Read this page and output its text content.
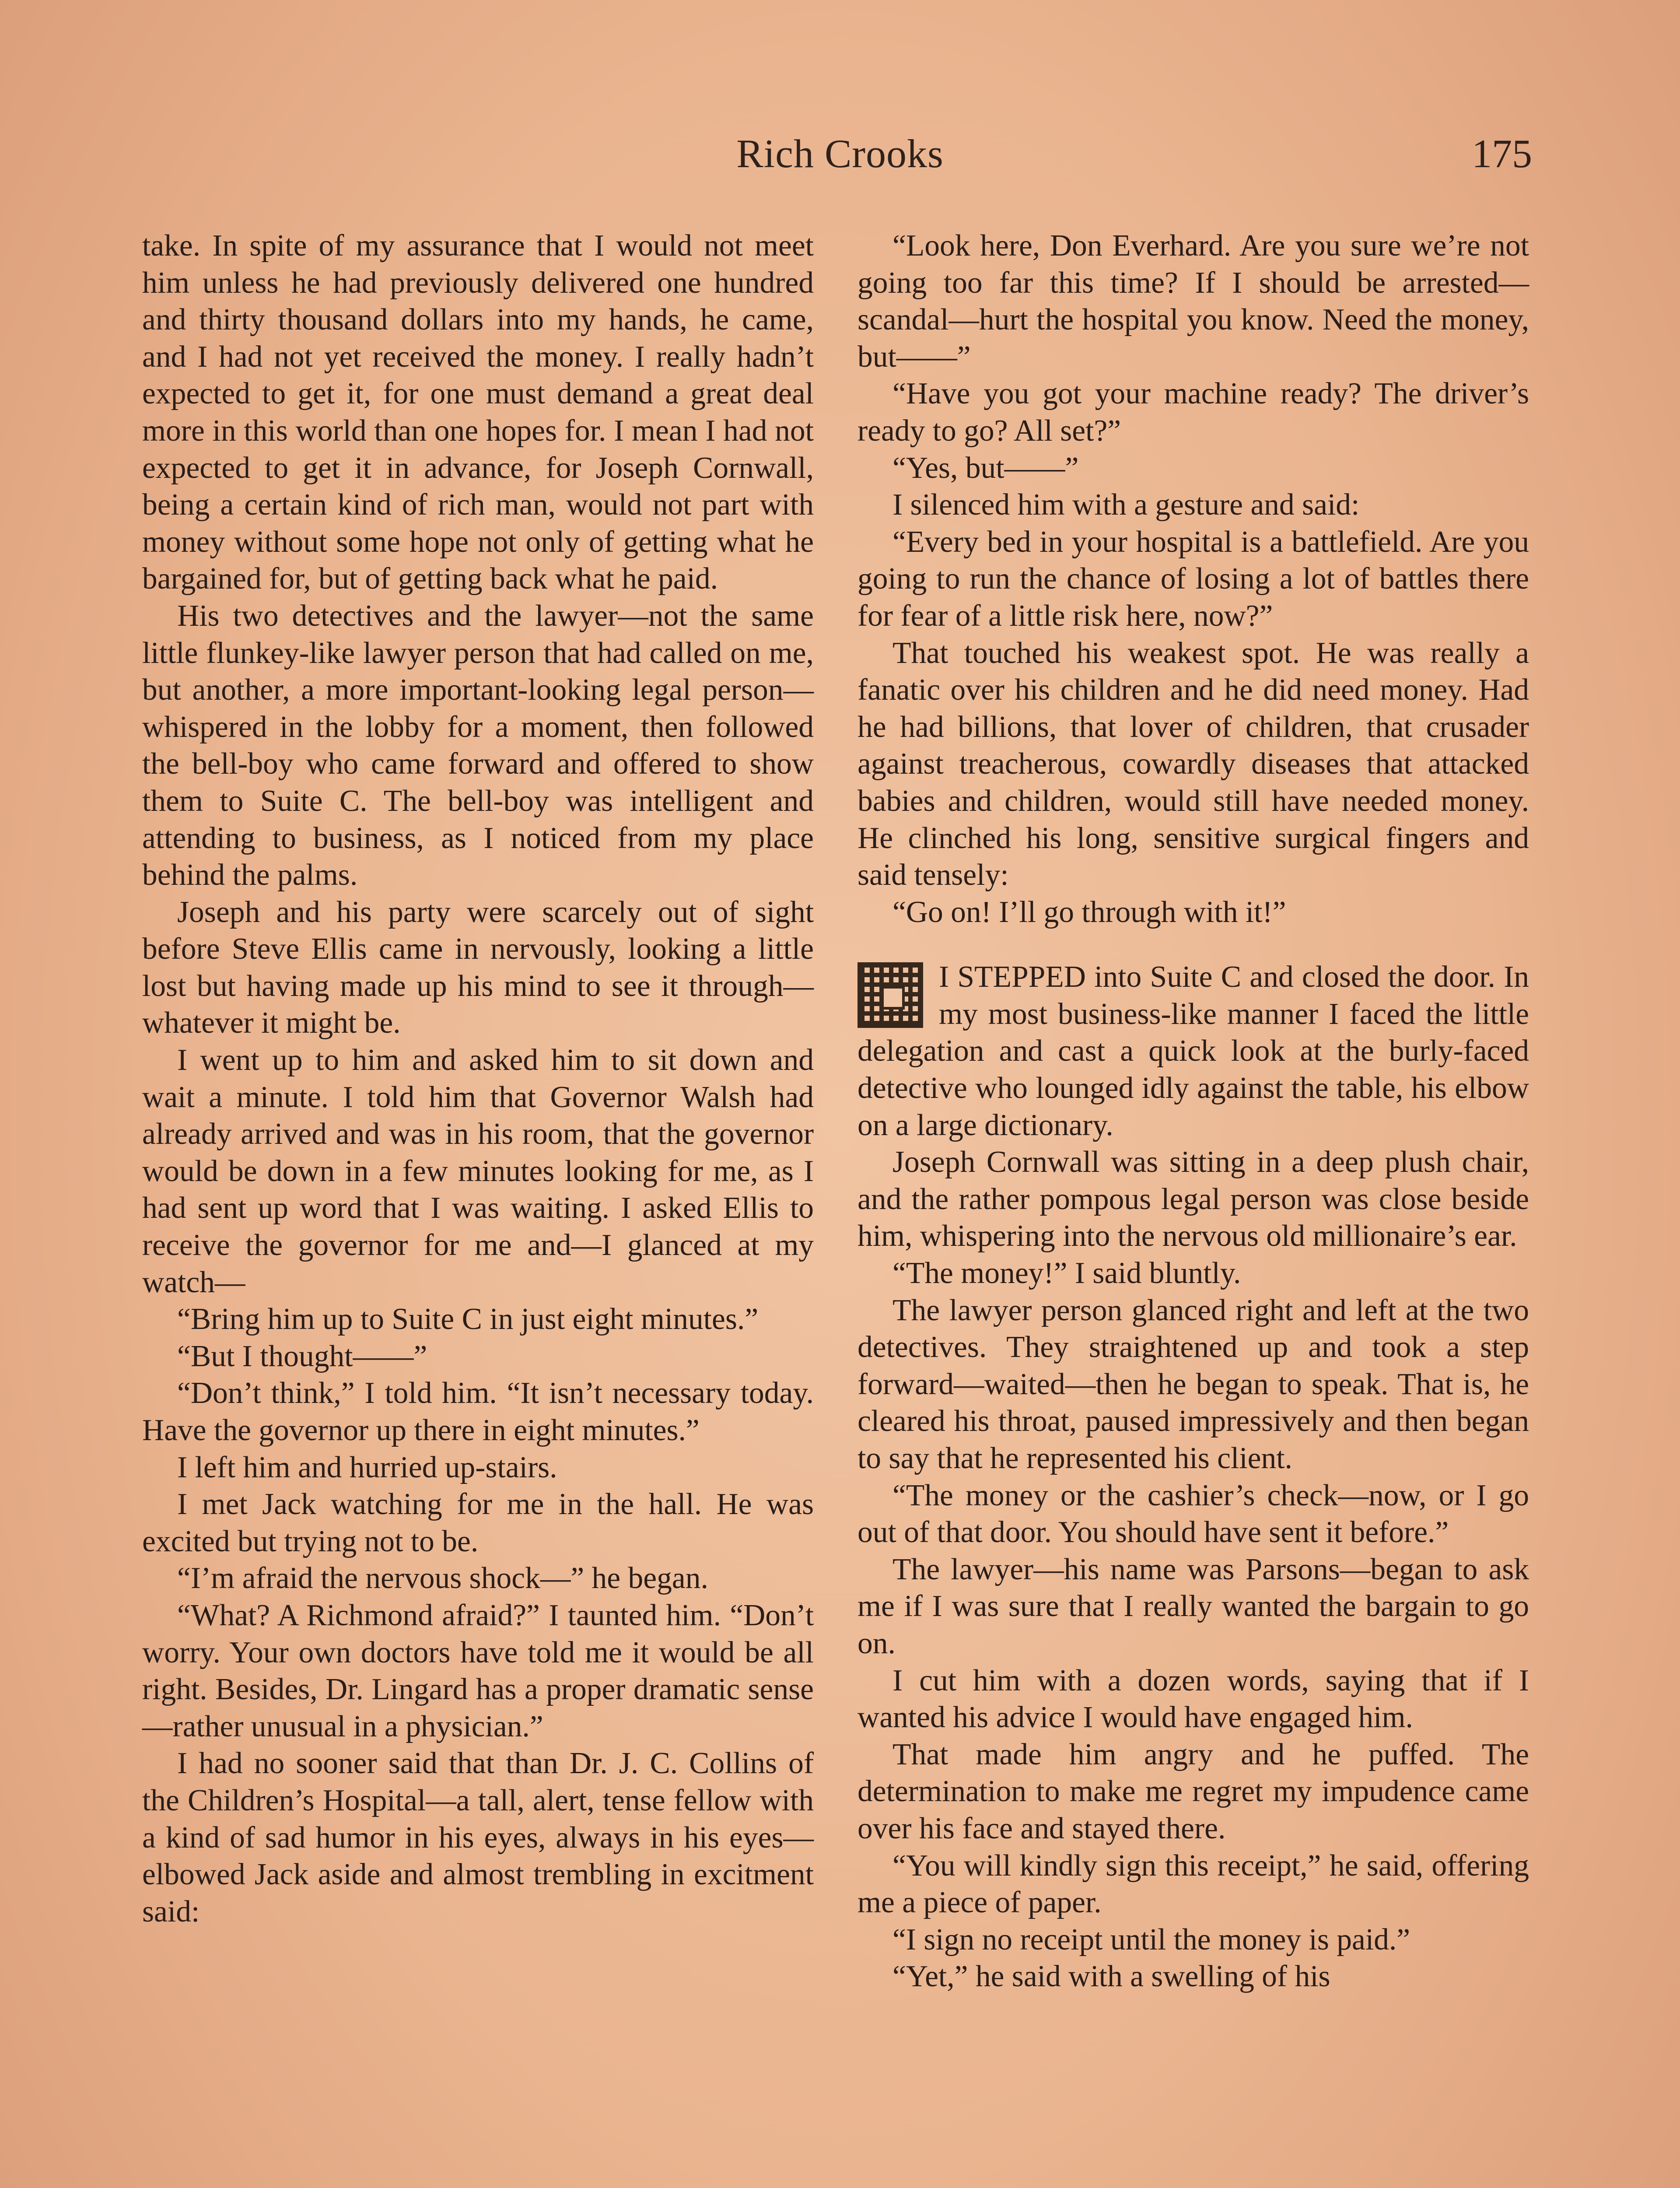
Rich Crooks	175

take. In spite of my assurance that I would not meet him unless he had previously delivered one hundred and thirty thousand dollars into my hands, he came, and I had not yet received the money. I really hadn’t expected to get it, for one must demand a great deal more in this world than one hopes for. I mean I had not expected to get it in advance, for Joseph Cornwall, being a certain kind of rich man, would not part with money without some hope not only of getting what he bargained for, but of getting back what he paid.

His two detectives and the lawyer—not the same little flunkey-like lawyer person that had called on me, but another, a more important-looking legal person— whispered in the lobby for a moment, then followed the bell-boy who came forward and offered to show them to Suite C. The bell-boy was intelligent and attending to business, as I noticed from my place behind the palms.

Joseph and his party were scarcely out of sight before Steve Ellis came in nervously, looking a little lost but having made up his mind to see it through—whatever it might be.

I went up to him and asked him to sit down and wait a minute. I told him that Governor Walsh had already arrived and was in his room, that the governor would be down in a few minutes looking for me, as I had sent up word that I was waiting. I asked Ellis to receive the governor for me and—I glanced at my watch—

“Bring him up to Suite C in just eight minutes.”

“But I thought——”

“Don’t think,” I told him. “It isn’t necessary today. Have the governor up there in eight minutes.”

I left him and hurried up-stairs.

I met Jack watching for me in the hall. He was excited but trying not to be.

“I’m afraid the nervous shock—” he began.

“What? A Richmond afraid?” I taunted him. “Don’t worry. Your own doctors have told me it would be all right. Besides, Dr. Lingard has a proper dramatic sense—rather unusual in a physician.”

I had no sooner said that than Dr. J. C. Collins of the Children’s Hospital—a tall, alert, tense fellow with a kind of sad humor in his eyes, always in his eyes—elbowed Jack aside and almost trembling in excitment said:

“Look here, Don Everhard. Are you sure we’re not going too far this time? If I should be arrested—scandal—hurt the hospital you know. Need the money, but——”

“Have you got your machine ready? The driver’s ready to go? All set?”

“Yes, but——”

I silenced him with a gesture and said:

“Every bed in your hospital is a battlefield. Are you going to run the chance of losing a lot of battles there for fear of a little risk here, now?”

That touched his weakest spot. He was really a fanatic over his children and he did need money. Had he had billions, that lover of children, that crusader against treacherous, cowardly diseases that attacked babies and children, would still have needed money. He clinched his long, sensitive surgical fingers and said tensely:

“Go on! I’ll go through with it!”

I STEPPED into Suite C and closed the door. In my most business-like manner I faced the little delegation and cast a quick look at the burly-faced detective who lounged idly against the table, his elbow on a large dictionary.

Joseph Cornwall was sitting in a deep plush chair, and the rather pompous legal person was close beside him, whispering into the nervous old millionaire’s ear.

“The money!” I said bluntly.

The lawyer person glanced right and left at the two detectives. They straightened up and took a step forward—waited—then he began to speak. That is, he cleared his throat, paused impressively and then began to say that he represented his client.

“The money or the cashier’s check—now, or I go out of that door. You should have sent it before.”

The lawyer—his name was Parsons—began to ask me if I was sure that I really wanted the bargain to go on.

I cut him with a dozen words, saying that if I wanted his advice I would have engaged him.

That made him angry and he puffed. The determination to make me regret my impudence came over his face and stayed there.

“You will kindly sign this receipt,” he said, offering me a piece of paper.

“I sign no receipt until the money is paid.”

“Yet,” he said with a swelling of his
